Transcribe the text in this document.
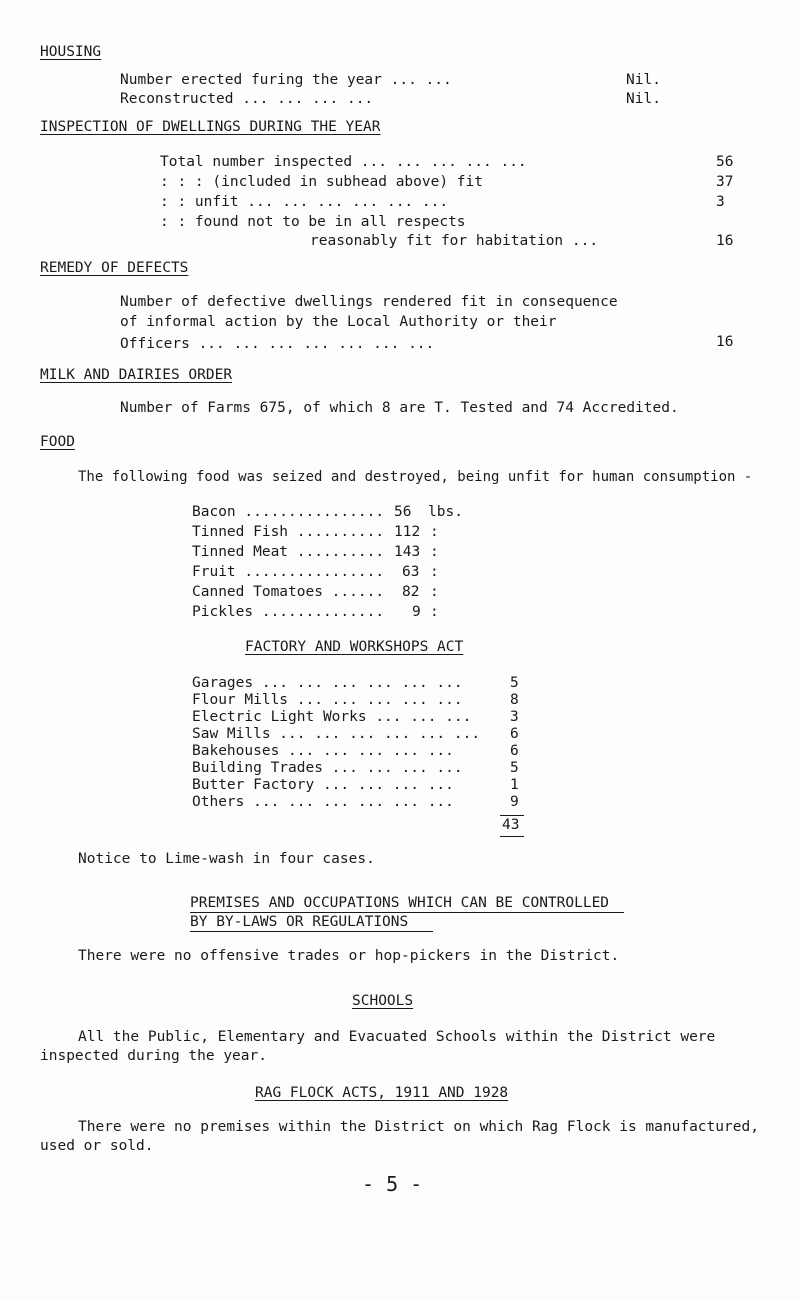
HOUSING
Number erected furing the year ... ...	Nil.
Reconstructed ... ... ... ...	Nil.
INSPECTION OF DWELLINGS DURING THE YEAR
Total number inspected ... ... ... ... ...	56
: : : (included in subhead above) fit	37
: : unfit ... ... ... ... ... ...	3
: : found not to be in all respects
reasonably fit for habitation ...	16
REMEDY OF DEFECTS
Number of defective dwellings rendered fit in consequence
of informal action by the Local Authority or their
Officers ... ... ... ... ... ... ...	16
MILK AND DAIRIES ORDER
Number of Farms 675, of which 8 are T. Tested and 74 Accredited.
FOOD
The following food was seized and destroyed, being unfit for human consumption -
Bacon ................ 56 lbs.
Tinned Fish .......... 112 :
Tinned Meat .......... 143 :
Fruit ................ 63 :
Canned Tomatoes ...... 82 :
Pickles .............. 9 :
FACTORY AND WORKSHOPS ACT
Garages ... ... ... ... ... ...	5
Flour Mills ... ... ... ... ...	8
Electric Light Works ... ... ...	3
Saw Mills ... ... ... ... ... ... 6
Bakehouses ... ... ... ... ...	6
Building Trades ... ... ... ...	5
Butter Factory ... ... ... ...	1
Others ... ... ... ... ... ...	9
43
Notice to Lime-wash in four cases.
PREMISES AND OCCUPATIONS WHICH CAN BE CONTROLLED
BY BY-LAWS OR REGULATIONS
There were no offensive trades or hop-pickers in the District.
SCHOOLS
All the Public, Elementary and Evacuated Schools within the District were
inspected during the year.
RAG FLOCK ACTS, 1911 AND 1928
There were no premises within the District on which Rag Flock is manufactured,
used or sold.
- 5 -
